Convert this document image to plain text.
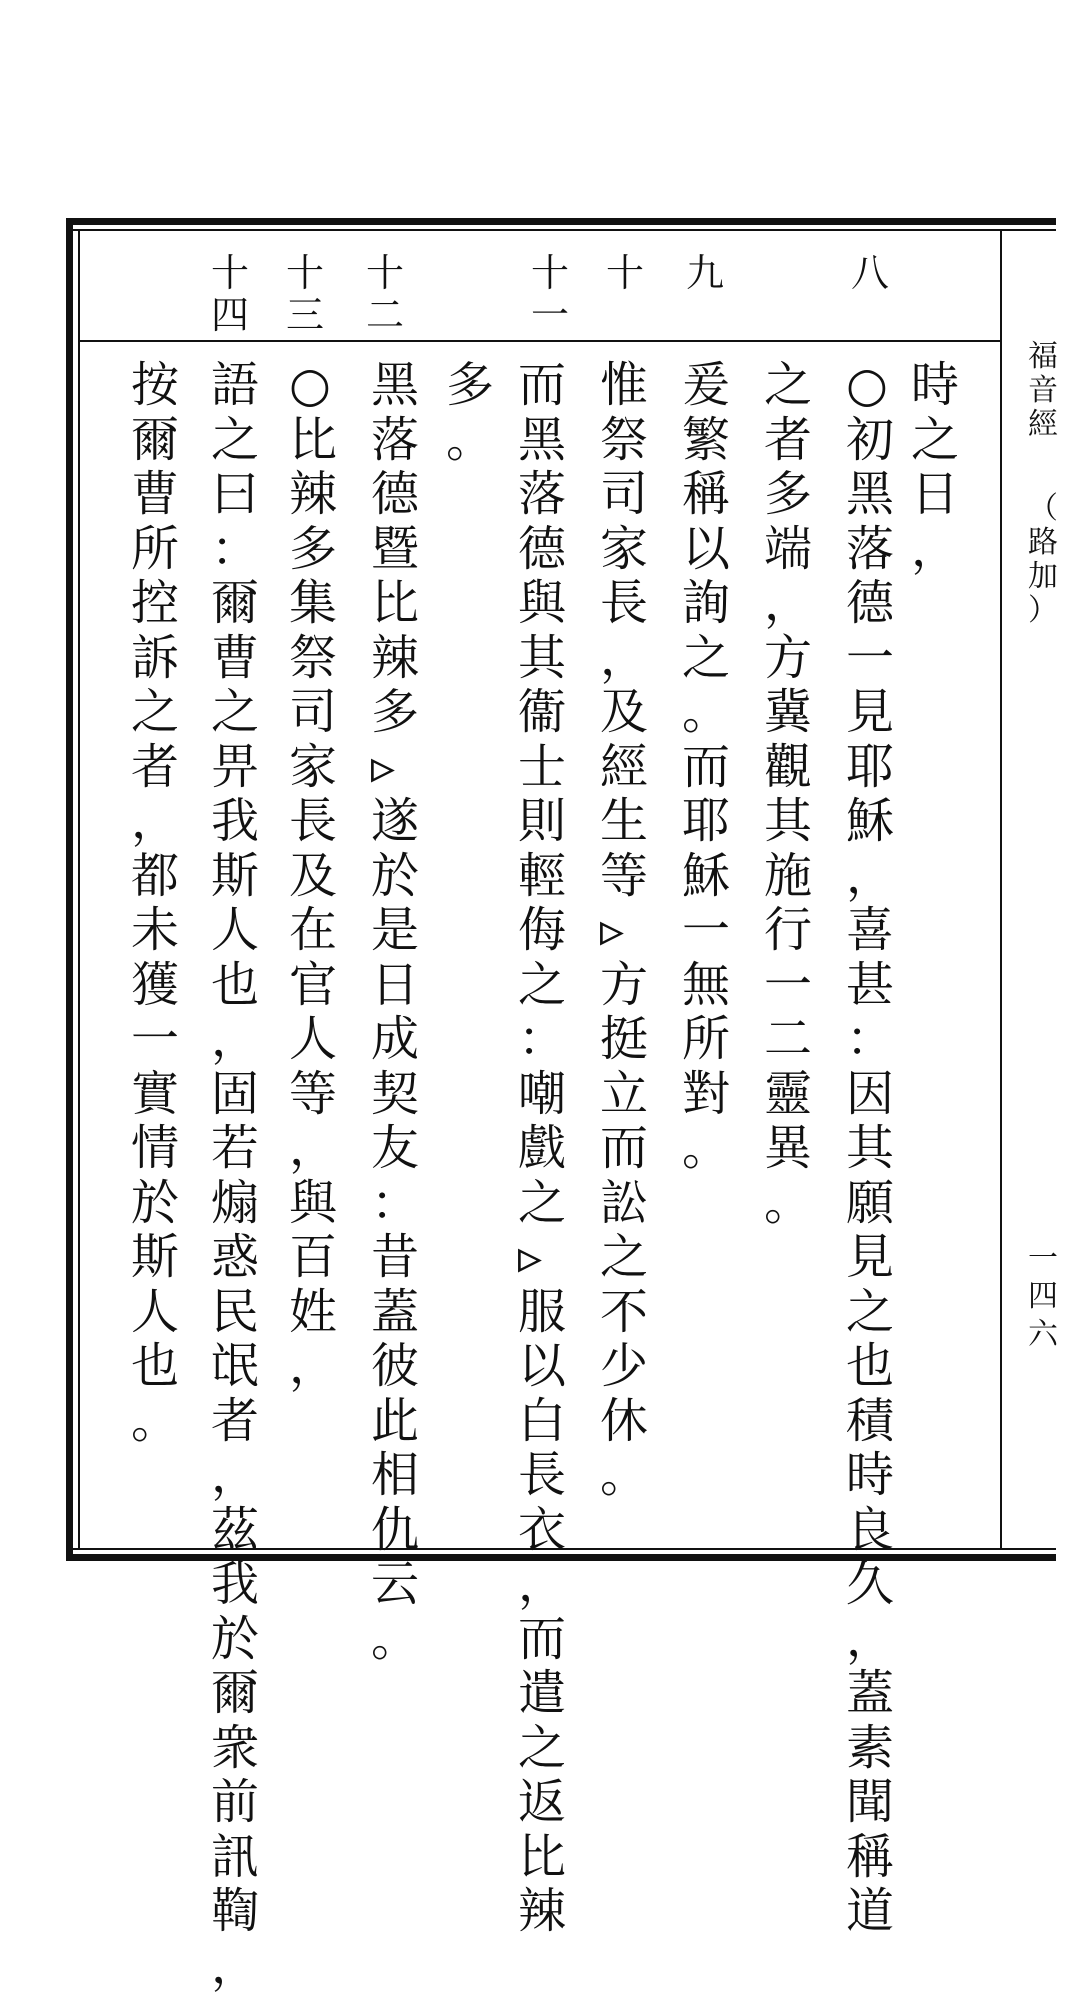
福
音
經
（
路
加
）
一
四
六
八
九
十
十
一
十
二
十
三
十
四
時
之
日
，
○
初
黑
落
德
一
見
耶
穌
，
喜
甚
：
因
其
願
見
之
也
積
時
良
久
，
蓋
素
聞
稱
道
之
者
多
端
，
方
冀
觀
其
施
行
一
二
靈
異
。
爰
繁
稱
以
詢
之
。
而
耶
穌
一
無
所
對
。
惟
祭
司
家
長
，
及
經
生
等
▹
方
挺
立
而
訟
之
不
少
休
。
而
黑
落
德
與
其
衞
士
則
輕
侮
之
：
嘲
戲
之
▹
服
以
白
長
衣
，
而
遣
之
返
比
辣
多
。
黑
落
德
暨
比
辣
多
▹
遂
於
是
日
成
契
友
：
昔
蓋
彼
此
相
仇
云
。
○
比
辣
多
集
祭
司
家
長
及
在
官
人
等
，
與
百
姓
，
語
之
曰
：
爾
曹
之
畀
我
斯
人
也
，
固
若
煽
惑
民
氓
者
，
茲
我
於
爾
衆
前
訊
鞫
，
按
爾
曹
所
控
訴
之
者
，
都
未
獲
一
實
情
於
斯
人
也
。
